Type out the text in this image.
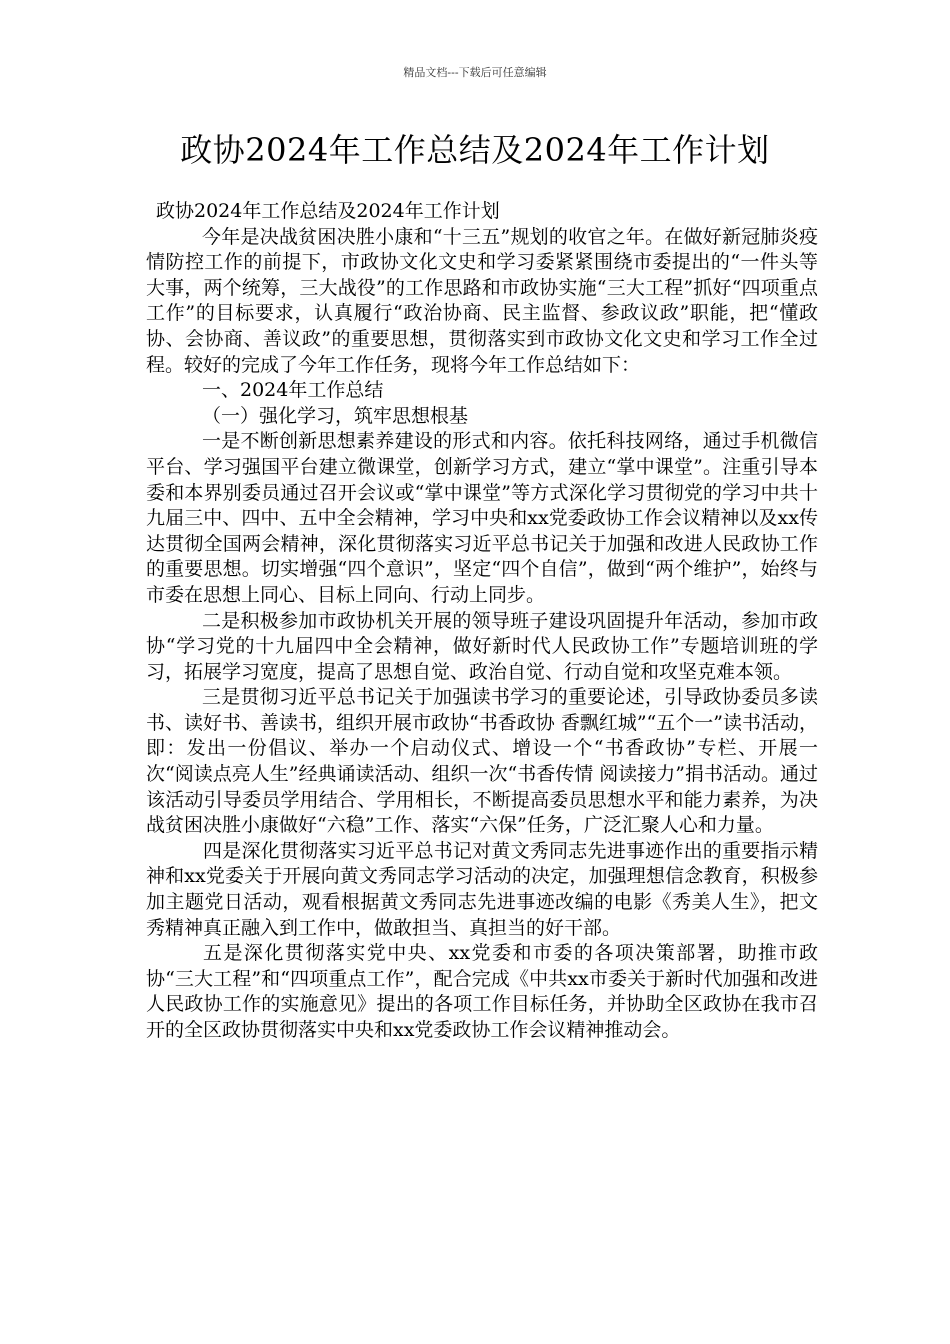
精品文档---下载后可任意编辑
政协2024年工作总结及2024年工作计划

政协2024年工作总结及2024年工作计划

今年是决战贫困决胜小康和“十三五”规划的收官之年。在做好新冠肺炎疫情防控工作的前提下，市政协文化文史和学习委紧紧围绕市委提出的“一件头等大事，两个统筹，三大战役”的工作思路和市政协实施“三大工程”抓好“四项重点工作”的目标要求，认真履行“政治协商、民主监督、参政议政”职能，把“懂政协、会协商、善议政”的重要思想，贯彻落实到市政协文化文史和学习工作全过程。较好的完成了今年工作任务，现将今年工作总结如下：

一、2024年工作总结

（一）强化学习，筑牢思想根基

一是不断创新思想素养建设的形式和内容。依托科技网络，通过手机微信平台、学习强国平台建立微课堂，创新学习方式，建立“掌中课堂”。注重引导本委和本界别委员通过召开会议或“掌中课堂”等方式深化学习贯彻党的学习中共十九届三中、四中、五中全会精神，学习中央和xx党委政协工作会议精神以及xx传达贯彻全国两会精神，深化贯彻落实习近平总书记关于加强和改进人民政协工作的重要思想。切实增强“四个意识”，坚定“四个自信”，做到“两个维护”，始终与市委在思想上同心、目标上同向、行动上同步。

二是积极参加市政协机关开展的领导班子建设巩固提升年活动，参加市政协“学习党的十九届四中全会精神，做好新时代人民政协工作”专题培训班的学习，拓展学习宽度，提高了思想自觉、政治自觉、行动自觉和攻坚克难本领。

三是贯彻习近平总书记关于加强读书学习的重要论述，引导政协委员多读书、读好书、善读书，组织开展市政协“书香政协 香飘红城”“五个一”读书活动，即：发出一份倡议、举办一个启动仪式、增设一个“书香政协”专栏、开展一次“阅读点亮人生”经典诵读活动、组织一次“书香传情 阅读接力”捐书活动。通过该活动引导委员学用结合、学用相长，不断提高委员思想水平和能力素养，为决战贫困决胜小康做好“六稳”工作、落实“六保”任务，广泛汇聚人心和力量。

四是深化贯彻落实习近平总书记对黄文秀同志先进事迹作出的重要指示精神和xx党委关于开展向黄文秀同志学习活动的决定，加强理想信念教育，积极参加主题党日活动，观看根据黄文秀同志先进事迹改编的电影《秀美人生》，把文秀精神真正融入到工作中，做敢担当、真担当的好干部。

五是深化贯彻落实党中央、xx党委和市委的各项决策部署，助推市政协“三大工程”和“四项重点工作”，配合完成《中共xx市委关于新时代加强和改进人民政协工作的实施意见》提出的各项工作目标任务，并协助全区政协在我市召开的全区政协贯彻落实中央和xx党委政协工作会议精神推动会。
